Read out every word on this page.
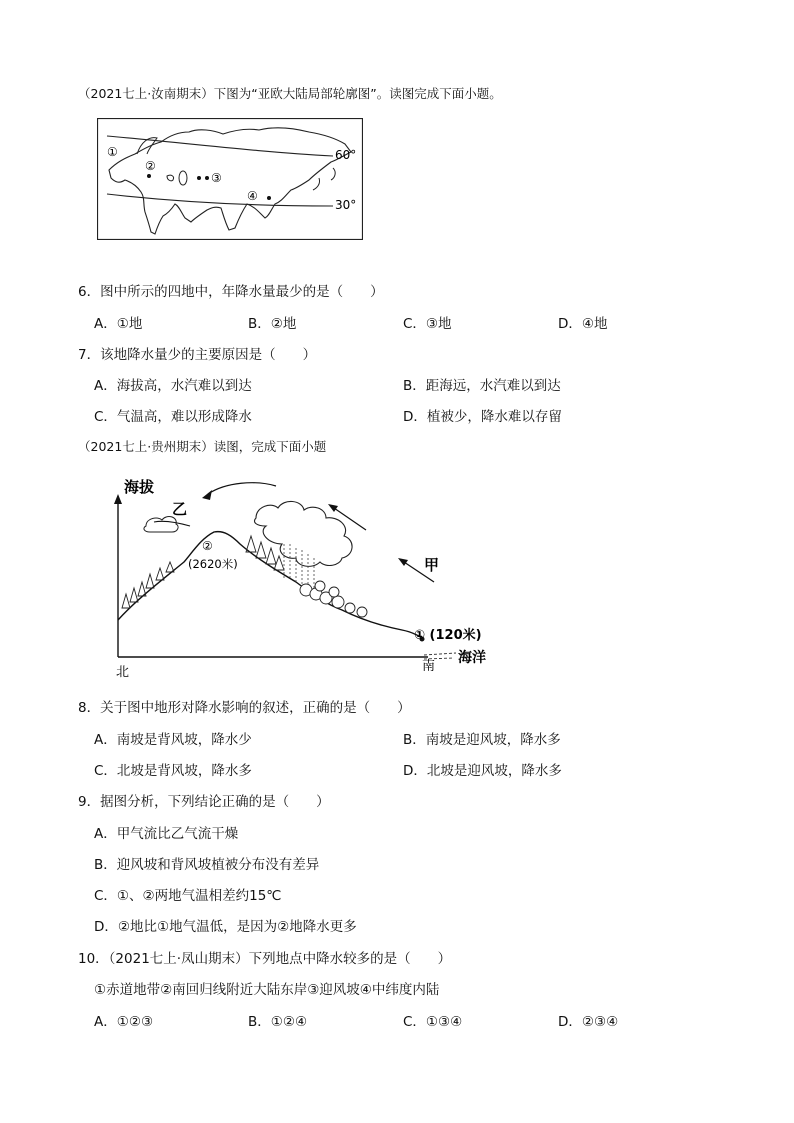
（2021七上·汝南期末）下图为“亚欧大陆局部轮廓图”。读图完成下面小题。
60°
30°
①
②
③
④
6．图中所示的四地中，年降水量最少的是（　　）
A．①地	B．②地	C．③地	D．④地
7．该地降水量少的主要原因是（　　）
A．海拔高，水汽难以到达	B．距海远，水汽难以到达
C．气温高，难以形成降水	D．植被少，降水难以存留
（2021七上·贵州期末）读图，完成下面小题
海拔
乙
甲
②
(2620米)
① (120米)
北	南
海洋
8．关于图中地形对降水影响的叙述，正确的是（　　）
A．南坡是背风坡，降水少	B．南坡是迎风坡，降水多
C．北坡是背风坡，降水多	D．北坡是迎风坡，降水多
9．据图分析，下列结论正确的是（　　）
A．甲气流比乙气流干燥
B．迎风坡和背风坡植被分布没有差异
C．①、②两地气温相差约15℃
D．②地比①地气温低，是因为②地降水更多
10．（2021七上·凤山期末）下列地点中降水较多的是（　　）
①赤道地带②南回归线附近大陆东岸③迎风坡④中纬度内陆
A．①②③	B．①②④	C．①③④	D．②③④
